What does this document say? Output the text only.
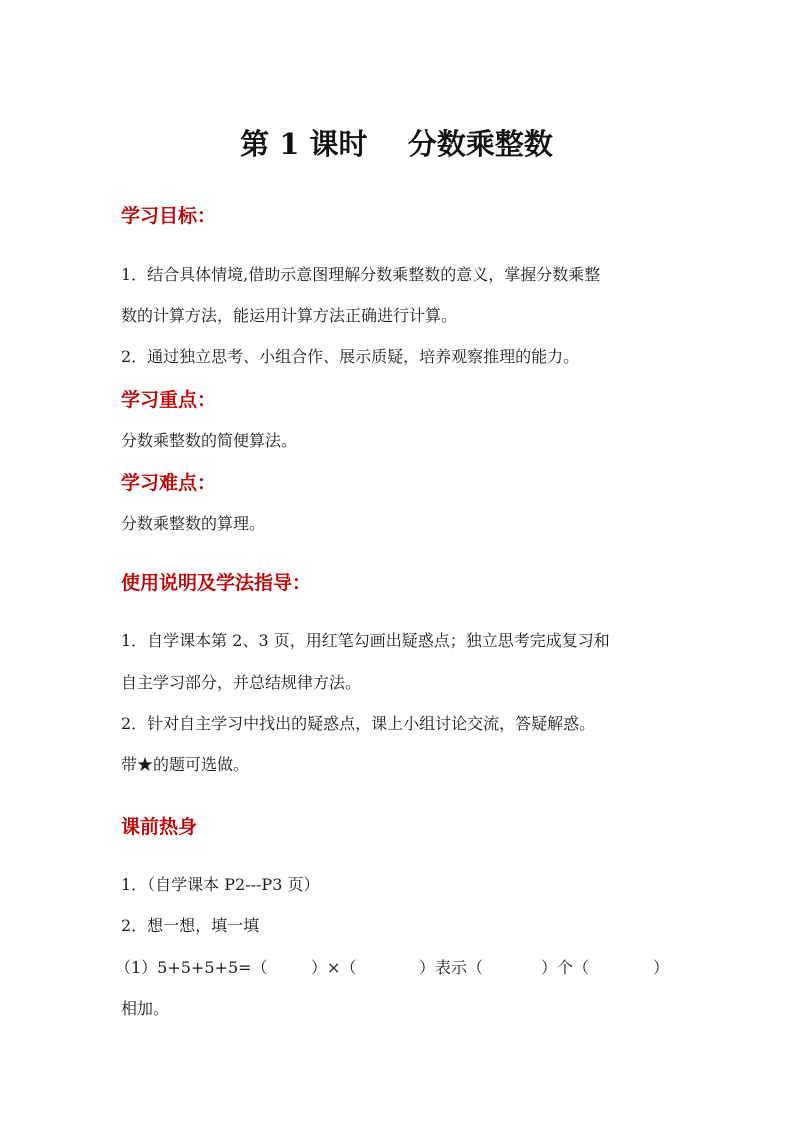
第 1 课时    分数乘整数
学习目标：
1．结合具体情境,借助示意图理解分数乘整数的意义，掌握分数乘整
数的计算方法，能运用计算方法正确进行计算。
2．通过独立思考、小组合作、展示质疑，培养观察推理的能力。
学习重点：
分数乘整数的简便算法。
学习难点：
分数乘整数的算理。
使用说明及学法指导：
1．自学课本第 2、3 页，用红笔勾画出疑惑点；独立思考完成复习和
自主学习部分，并总结规律方法。
2．针对自主学习中找出的疑惑点，课上小组讨论交流，答疑解惑。
带★的题可选做。
课前热身
1．（自学课本 P2---P3 页）
2．想一想，填一填
（1）5+5+5+5=（	）×（	）表示（	）个（	）
相加。
